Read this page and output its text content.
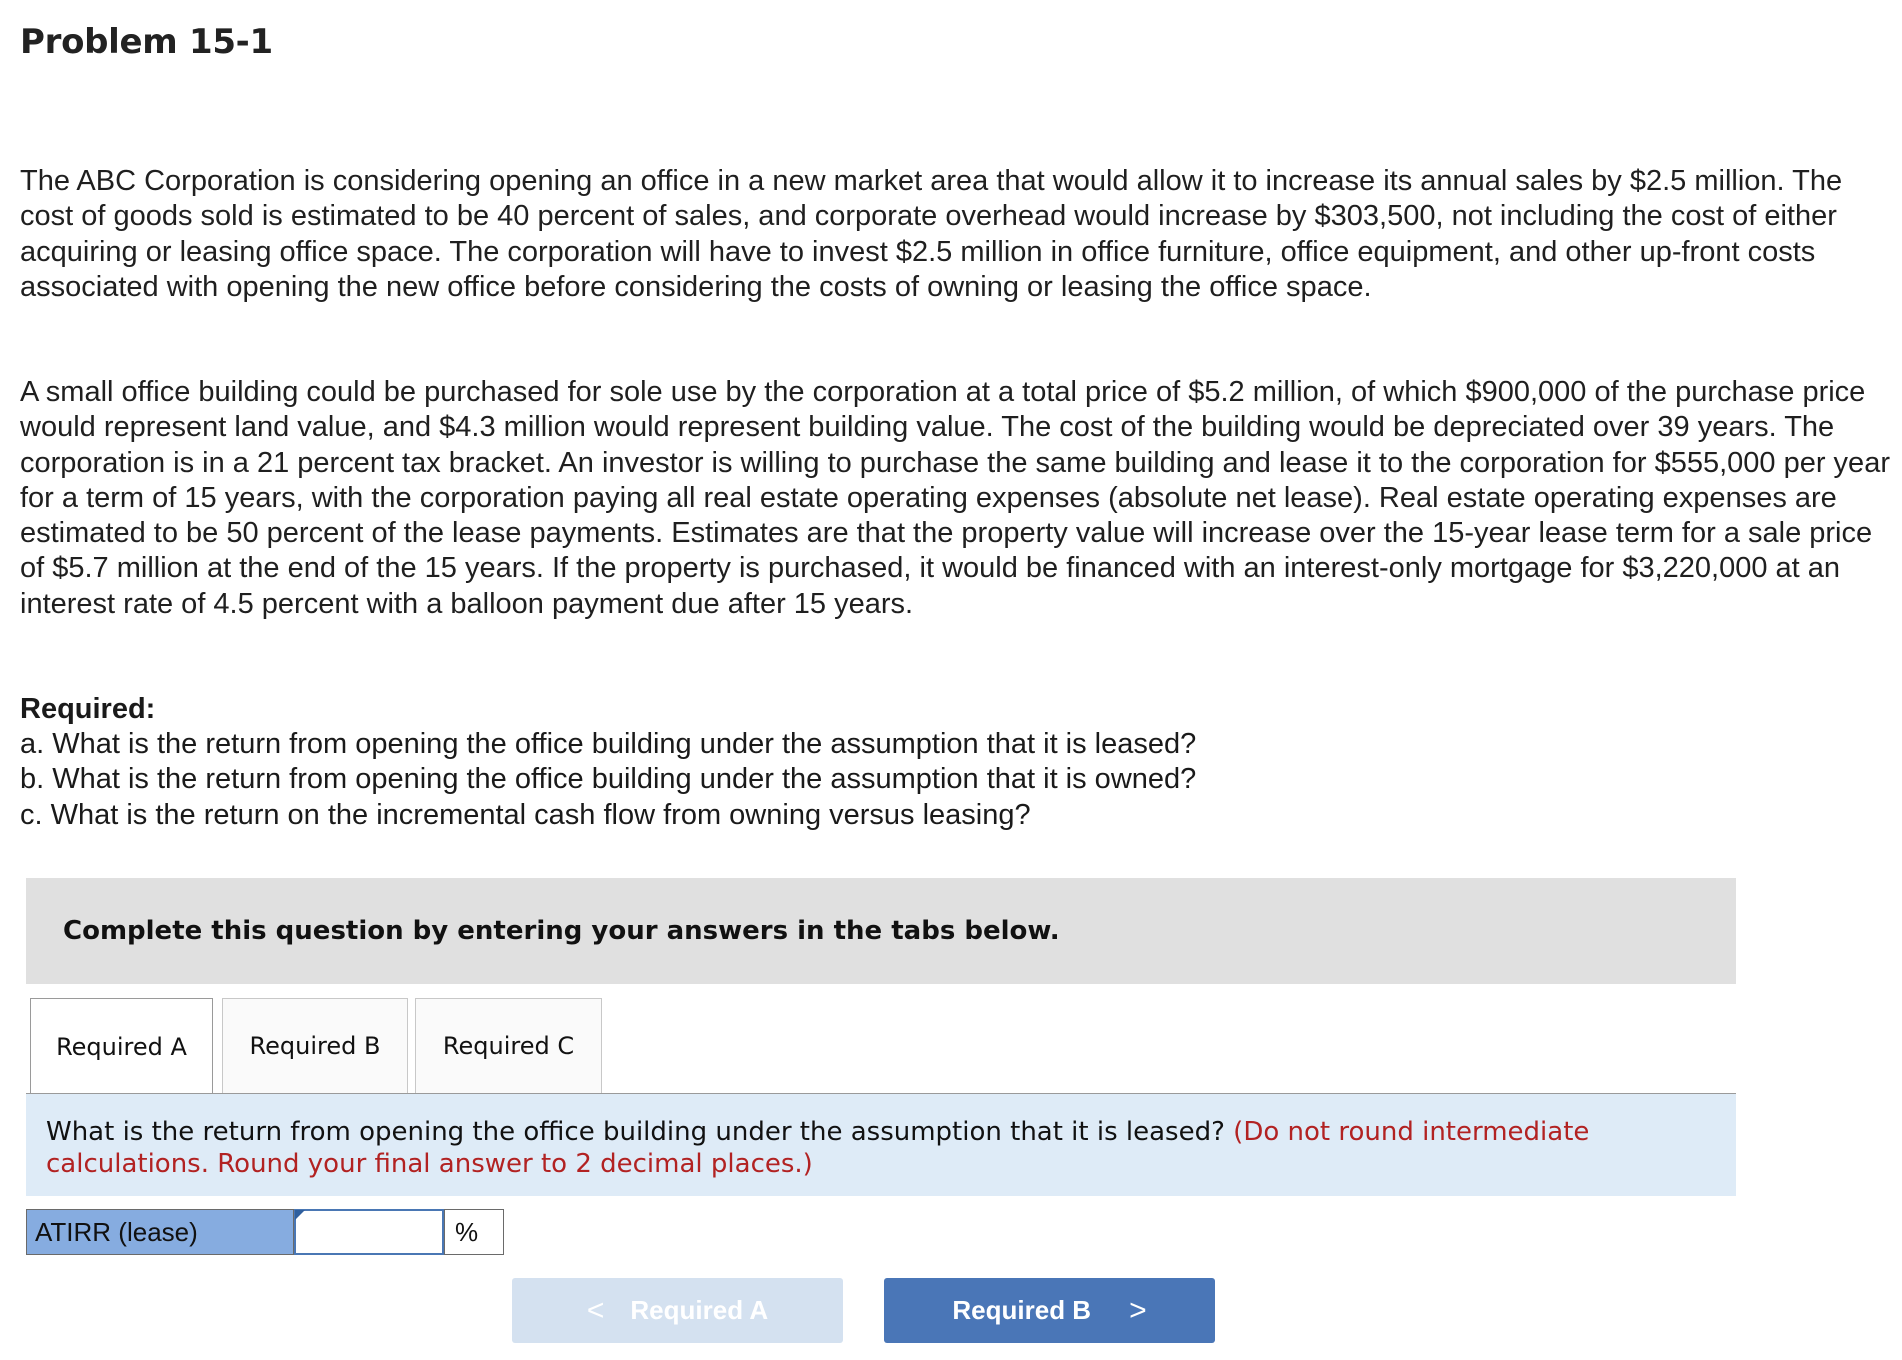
Problem 15-1

The ABC Corporation is considering opening an office in a new market area that would allow it to increase its annual sales by $2.5 million. The cost of goods sold is estimated to be 40 percent of sales, and corporate overhead would increase by $303,500, not including the cost of either acquiring or leasing office space. The corporation will have to invest $2.5 million in office furniture, office equipment, and other up-front costs associated with opening the new office before considering the costs of owning or leasing the office space.

A small office building could be purchased for sole use by the corporation at a total price of $5.2 million, of which $900,000 of the purchase price would represent land value, and $4.3 million would represent building value. The cost of the building would be depreciated over 39 years. The corporation is in a 21 percent tax bracket. An investor is willing to purchase the same building and lease it to the corporation for $555,000 per year for a term of 15 years, with the corporation paying all real estate operating expenses (absolute net lease). Real estate operating expenses are estimated to be 50 percent of the lease payments. Estimates are that the property value will increase over the 15-year lease term for a sale price of $5.7 million at the end of the 15 years. If the property is purchased, it would be financed with an interest-only mortgage for $3,220,000 at an interest rate of 4.5 percent with a balloon payment due after 15 years.

Required:
a. What is the return from opening the office building under the assumption that it is leased?
b. What is the return from opening the office building under the assumption that it is owned?
c. What is the return on the incremental cash flow from owning versus leasing?
Complete this question by entering your answers in the tabs below.
Required A	Required B	Required C
What is the return from opening the office building under the assumption that it is leased? (Do not round intermediate calculations. Round your final answer to 2 decimal places.)
ATIRR (lease)	%
< Required A	Required B >
